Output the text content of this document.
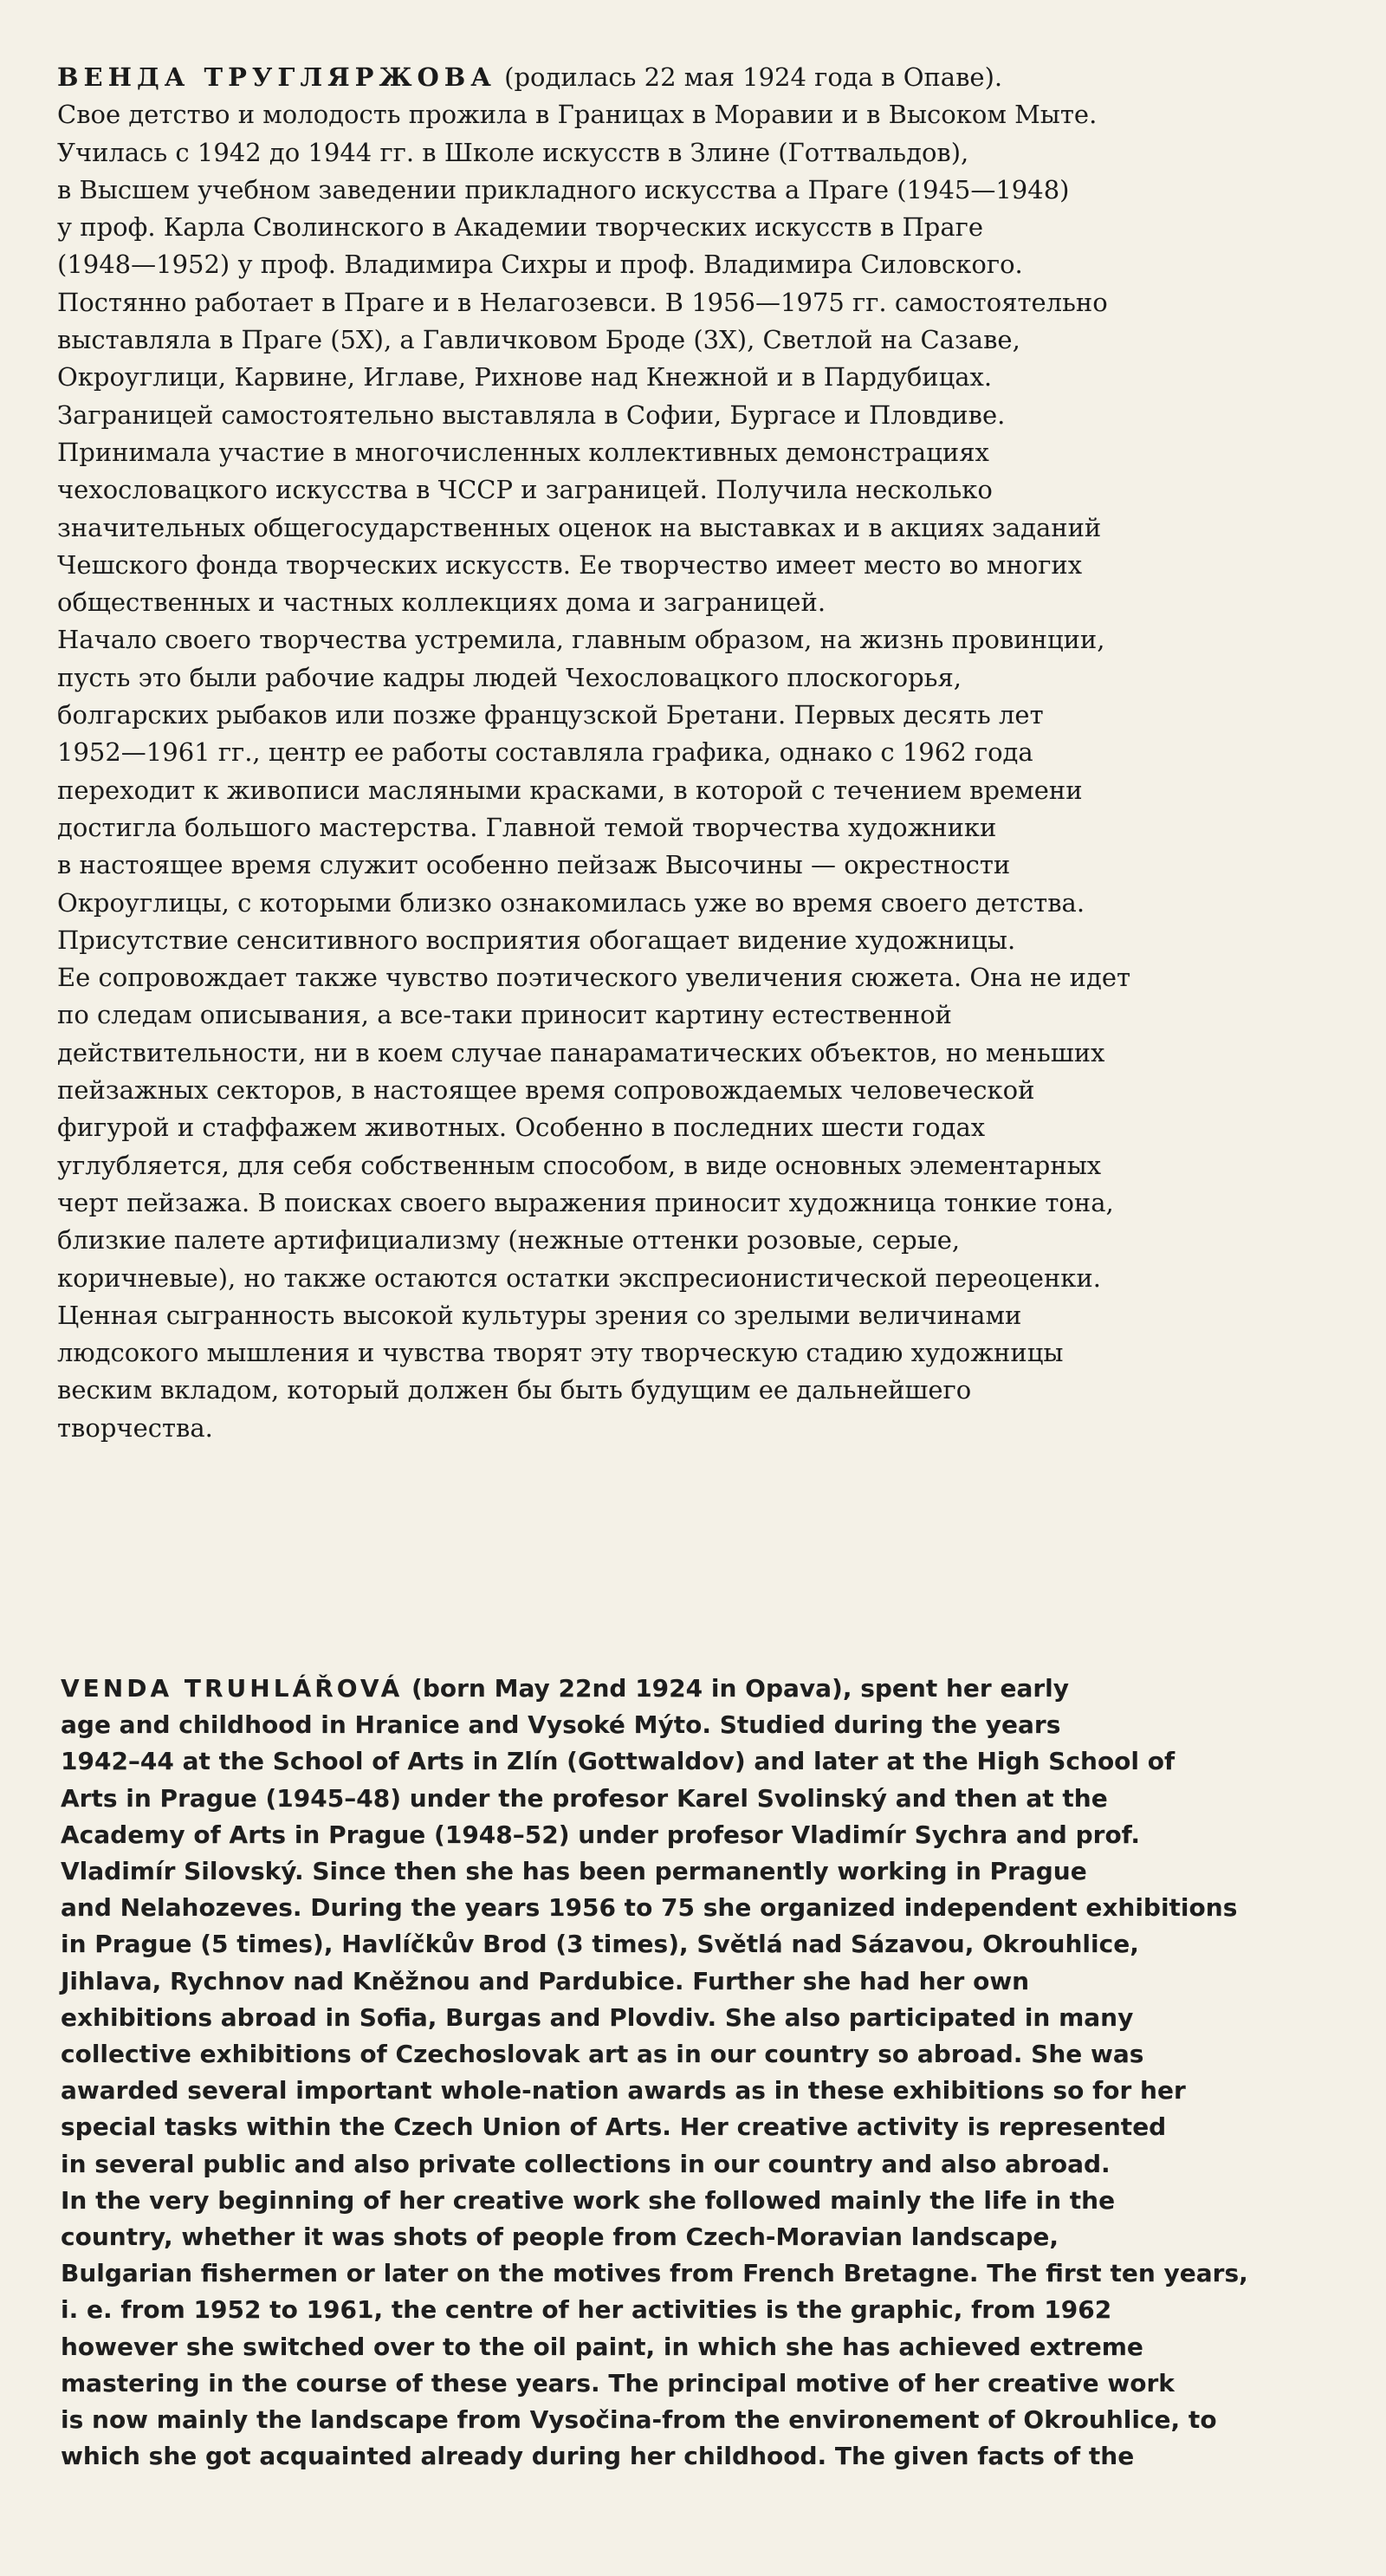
ВЕНДА ТРУГЛЯРЖОВА (родилась 22 мая 1924 года в Опаве).
Свое детство и молодость прожила в Границах в Моравии и в Высоком Мыте.
Училась с 1942 до 1944 гг. в Школе искусств в Злине (Готтвальдов),
в Высшем учебном заведении прикладного искусства а Праге (1945—1948)
у проф. Карла Сволинского в Академии творческих искусств в Праге
(1948—1952) у проф. Владимира Сихры и проф. Владимира Силовского.
Постянно работает в Праге и в Нелагозевси. В 1956—1975 гг. самостоятельно
выставляла в Праге (5Х), а Гавличковом Броде (3Х), Светлой на Сазаве,
Окроуглици, Карвине, Иглаве, Рихнове над Кнежной и в Пардубицах.
Заграницей самостоятельно выставляла в Софии, Бургасе и Пловдиве.
Принимала участие в многочисленных коллективных демонстрациях
чехословацкого искусства в ЧССР и заграницей. Получила несколько
значительных общегосударственных оценок на выставках и в акциях заданий
Чешского фонда творческих искусств. Ее творчество имеет место во многих
общественных и частных коллекциях дома и заграницей.
Начало своего творчества устремила, главным образом, на жизнь провинции,
пусть это были рабочие кадры людей Чехословацкого плоскогорья,
болгарских рыбаков или позже французской Бретани. Первых десять лет
1952—1961 гг., центр ее работы составляла графика, однако с 1962 года
переходит к живописи масляными красками, в которой с течением времени
достигла большого мастерства. Главной темой творчества художники
в настоящее время служит особенно пейзаж Высочины — окрестности
Окроуглицы, с которыми близко ознакомилась уже во время своего детства.
Присутствие сенситивного восприятия обогащает видение художницы.
Ее сопровождает также чувство поэтического увеличения сюжета. Она не идет
по следам описывания, а все-таки приносит картину естественной
действительности, ни в коем случае панараматических объектов, но меньших
пейзажных секторов, в настоящее время сопровождаемых человеческой
фигурой и стаффажем животных. Особенно в последних шести годах
углубляется, для себя собственным способом, в виде основных элементарных
черт пейзажа. В поисках своего выражения приносит художница тонкие тона,
близкие палете артифициализму (нежные оттенки розовые, серые,
коричневые), но также остаются остатки экспресионистической переоценки.
Ценная сыгранность высокой культуры зрения со зрелыми величинами
людсокого мышления и чувства творят эту творческую стадию художницы
веским вкладом, который должен бы быть будущим ее дальнейшего
творчества.
VENDA TRUHLÁŘOVÁ (born May 22nd 1924 in Opava), spent her early
age and childhood in Hranice and Vysoké Mýto. Studied during the years
1942–44 at the School of Arts in Zlín (Gottwaldov) and later at the High School of
Arts in Prague (1945–48) under the profesor Karel Svolinský and then at the
Academy of Arts in Prague (1948–52) under profesor Vladimír Sychra and prof.
Vladimír Silovský. Since then she has been permanently working in Prague
and Nelahozeves. During the years 1956 to 75 she organized independent exhibitions
in Prague (5 times), Havlíčkův Brod (3 times), Světlá nad Sázavou, Okrouhlice,
Jihlava, Rychnov nad Kněžnou and Pardubice. Further she had her own
exhibitions abroad in Sofia, Burgas and Plovdiv. She also participated in many
collective exhibitions of Czechoslovak art as in our country so abroad. She was
awarded several important whole-nation awards as in these exhibitions so for her
special tasks within the Czech Union of Arts. Her creative activity is represented
in several public and also private collections in our country and also abroad.
In the very beginning of her creative work she followed mainly the life in the
country, whether it was shots of people from Czech-Moravian landscape,
Bulgarian fishermen or later on the motives from French Bretagne. The first ten years,
i. e. from 1952 to 1961, the centre of her activities is the graphic, from 1962
however she switched over to the oil paint, in which she has achieved extreme
mastering in the course of these years. The principal motive of her creative work
is now mainly the landscape from Vysočina-from the environement of Okrouhlice, to
which she got acquainted already during her childhood. The given facts of the
